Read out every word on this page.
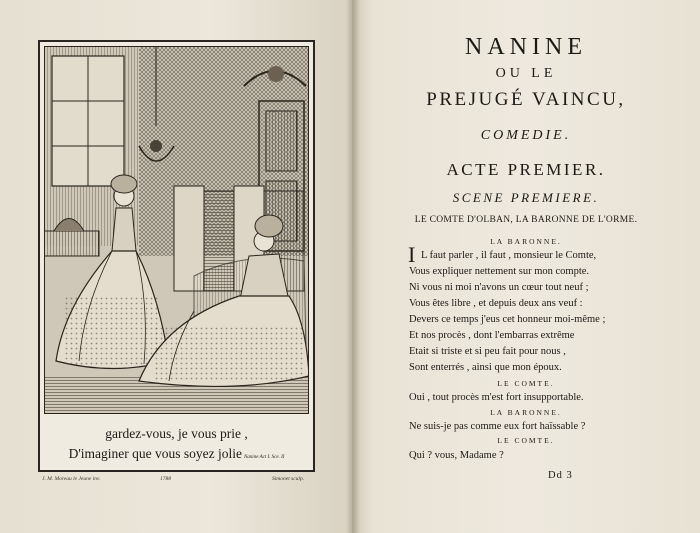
gardez-vous, je vous prie ,
D'imaginer que vous soyez jolie Nanine Act I. Sce. II
J. M. Moreau le Jeune inv.	1788	Simonet sculp.
NANINE
OU LE
PREJUGÉ VAINCU,
COMEDIE.
ACTE PREMIER.
SCENE PREMIERE.
LE COMTE D'OLBAN, LA BARONNE DE L'ORME.
LA BARONNE.
I L faut parler , il faut , monsieur le Comte,
Vous expliquer nettement sur mon compte.
Ni vous ni moi n'avons un cœur tout neuf ;
Vous êtes libre , et depuis deux ans veuf :
Devers ce temps j'eus cet honneur moi-même ;
Et nos procès , dont l'embarras extrême
Etait si triste et si peu fait pour nous ,
Sont enterrés , ainsi que mon époux.
LE COMTE.
Oui , tout procès m'est fort insupportable.
LA BARONNE.
Ne suis-je pas comme eux fort haïssable ?
LE COMTE.
Qui ? vous, Madame ?
Dd 3
